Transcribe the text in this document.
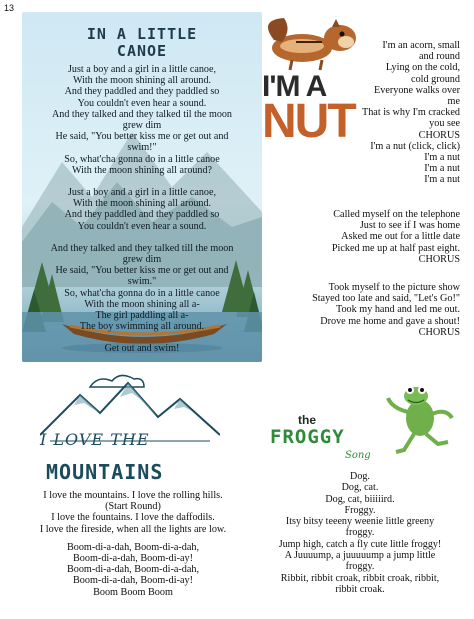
13
IN A LITTLE
CANOE
Just a boy and a girl in a little canoe,
With the moon shining all around.
And they paddled and they paddled so
You couldn't even hear a sound.
And they talked and they talked til the moon
grew dim
He said, "You better kiss me or get out and
swim!"
So, what'cha gonna do in a little canoe
With the moon shining all around?
Just a boy and a girl in a little canoe,
With the moon shining all around.
And they paddled and they paddled so
You couldn't even hear a sound.
And they talked and they talked till the moon
grew dim
He said, "You better kiss me or get out and
swim."
So, what'cha gonna do in a little canoe
With the moon shining all a-
The girl paddling all a-
The boy swimming all around.
Get out and swim!
I'M A
NUT
I'm an acorn, small
and round
Lying on the cold,
cold ground
Everyone walks over
me
That is why I'm cracked
you see
CHORUS
I'm a nut (click, click)
I'm a nut
I'm a nut
I'm a nut
Called myself on the telephone
Just to see if I was home
Asked me out for a little date
Picked me up at half past eight.
CHORUS
Took myself to the picture show
Stayed too late and said, "Let's Go!"
Took my hand and led me out.
Drove me home and gave a shout!
CHORUS
I LOVE THE
MOUNTAINS
I love the mountains. I love the rolling hills.
(Start Round)
I love the fountains. I love the daffodils.
I love the fireside, when all the lights are low.
Boom-di-a-dah, Boom-di-a-dah,
Boom-di-a-dah, Boom-di-ay!
Boom-di-a-dah, Boom-di-a-dah,
Boom-di-a-dah, Boom-di-ay!
Boom Boom Boom
the
FROGGY
Song
Dog.
Dog, cat.
Dog, cat, biiiiird.
Froggy.
Itsy bitsy teeeny weenie little greeny
froggy.
Jump high, catch a fly cute little froggy!
A Juuuump, a juuuuump a jump little
froggy.
Ribbit, ribbit croak, ribbit croak, ribbit,
ribbit croak.
